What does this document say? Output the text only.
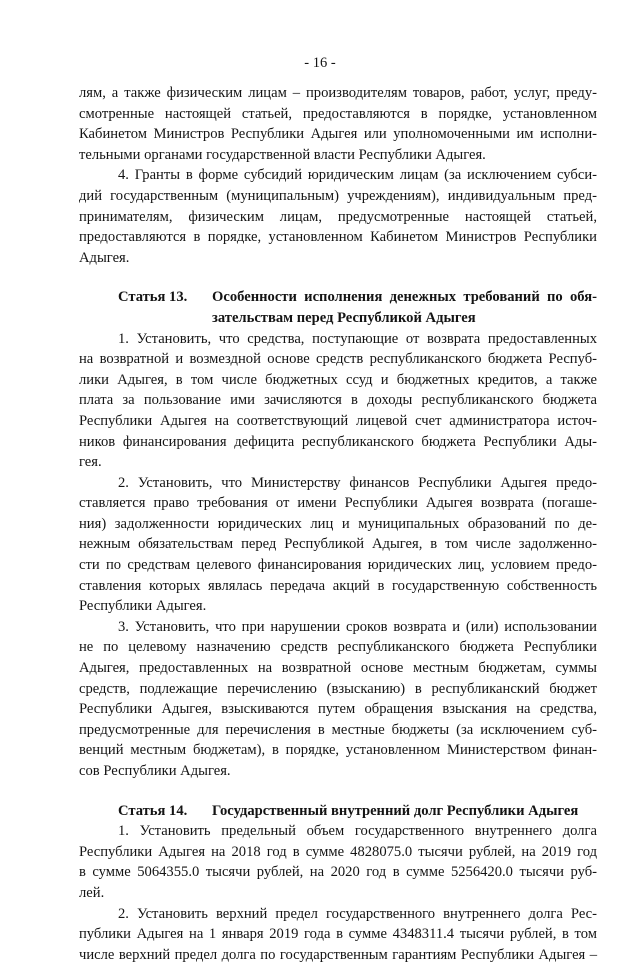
- 16 -
лям, а также физическим лицам – производителям товаров, работ, услуг, преду-
смотренные настоящей статьей, предоставляются в порядке, установленном
Кабинетом Министров Республики Адыгея или уполномоченными им исполни-
тельными органами государственной власти Республики Адыгея.
4. Гранты в форме субсидий юридическим лицам (за исключением субси-
дий государственным (муниципальным) учреждениям), индивидуальным пред-
принимателям, физическим лицам, предусмотренные настоящей статьей,
предоставляются в порядке, установленном Кабинетом Министров Республики
Адыгея.
Статья 13. Особенности исполнения денежных требований по обя-
зательствам перед Республикой Адыгея
1. Установить, что средства, поступающие от возврата предоставленных
на возвратной и возмездной основе средств республиканского бюджета Респуб-
лики Адыгея, в том числе бюджетных ссуд и бюджетных кредитов, а также
плата за пользование ими зачисляются в доходы республиканского бюджета
Республики Адыгея на соответствующий лицевой счет администратора источ-
ников финансирования дефицита республиканского бюджета Республики Ады-
гея.
2. Установить, что Министерству финансов Республики Адыгея предо-
ставляется право требования от имени Республики Адыгея возврата (погаше-
ния) задолженности юридических лиц и муниципальных образований по де-
нежным обязательствам перед Республикой Адыгея, в том числе задолженно-
сти по средствам целевого финансирования юридических лиц, условием предо-
ставления которых являлась передача акций в государственную собственность
Республики Адыгея.
3. Установить, что при нарушении сроков возврата и (или) использовании
не по целевому назначению средств республиканского бюджета Республики
Адыгея, предоставленных на возвратной основе местным бюджетам, суммы
средств, подлежащие перечислению (взысканию) в республиканский бюджет
Республики Адыгея, взыскиваются путем обращения взыскания на средства,
предусмотренные для перечисления в местные бюджеты (за исключением суб-
венций местным бюджетам), в порядке, установленном Министерством финан-
сов Республики Адыгея.
Статья 14. Государственный внутренний долг Республики Адыгея
1. Установить предельный объем государственного внутреннего долга
Республики Адыгея на 2018 год в сумме 4828075.0 тысячи рублей, на 2019 год
в сумме 5064355.0 тысячи рублей, на 2020 год в сумме 5256420.0 тысячи руб-
лей.
2. Установить верхний предел государственного внутреннего долга Рес-
публики Адыгея на 1 января 2019 года в сумме 4348311.4 тысячи рублей, в том
числе верхний предел долга по государственным гарантиям Республики Адыгея –
